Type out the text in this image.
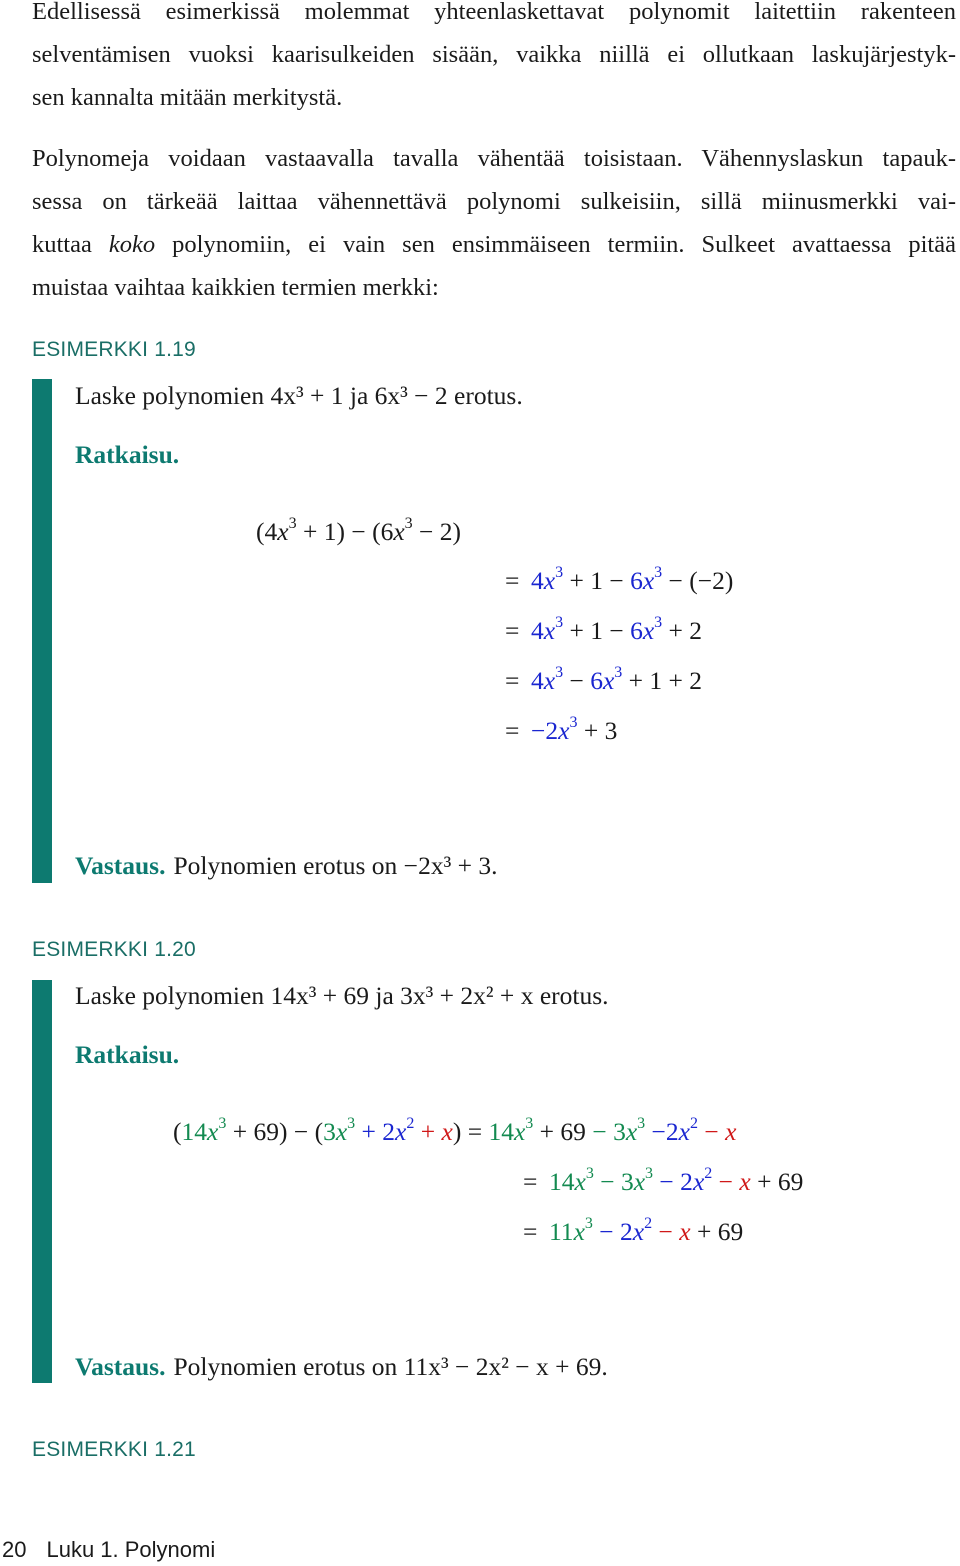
Edellisessä esimerkissä molemmat yhteenlaskettavat polynomit laitettiin rakenteen
selventämisen vuoksi kaarisulkeiden sisään, vaikka niillä ei ollutkaan laskujärjestyk-
sen kannalta mitään merkitystä.
Polynomeja voidaan vastaavalla tavalla vähentää toisistaan. Vähennyslaskun tapauk-
sessa on tärkeää laittaa vähennettävä polynomi sulkeisiin, sillä miinusmerkki vai-
kuttaa koko polynomiin, ei vain sen ensimmäiseen termiin. Sulkeet avattaessa pitää
muistaa vaihtaa kaikkien termien merkki:
ESIMERKKI 1.19
Laske polynomien 4x³ + 1 ja 6x³ − 2 erotus.
Ratkaisu.
$(4x^3 + 1) - (6x^3 - 2)$
= $4x^3 + 1 - 6x^3 - (-2)$
= $4x^3 + 1 - 6x^3 + 2$
= $4x^3 - 6x^3 + 1 + 2$
= $-2x^3 + 3$
Vastaus. Polynomien erotus on −2x³ + 3.
ESIMERKKI 1.20
Laske polynomien 14x³ + 69 ja 3x³ + 2x² + x erotus.
Ratkaisu.
$(14x^3 + 69) - (3x^3 + 2x^2 + x) = 14x^3 + 69 - 3x^3 -2x^2 - x$
= $14x^3 - 3x^3 - 2x^2 - x + 69$
= $11x^3 - 2x^2 - x + 69$
Vastaus. Polynomien erotus on 11x³ − 2x² − x + 69.
ESIMERKKI 1.21
20 Luku 1. Polynomi
